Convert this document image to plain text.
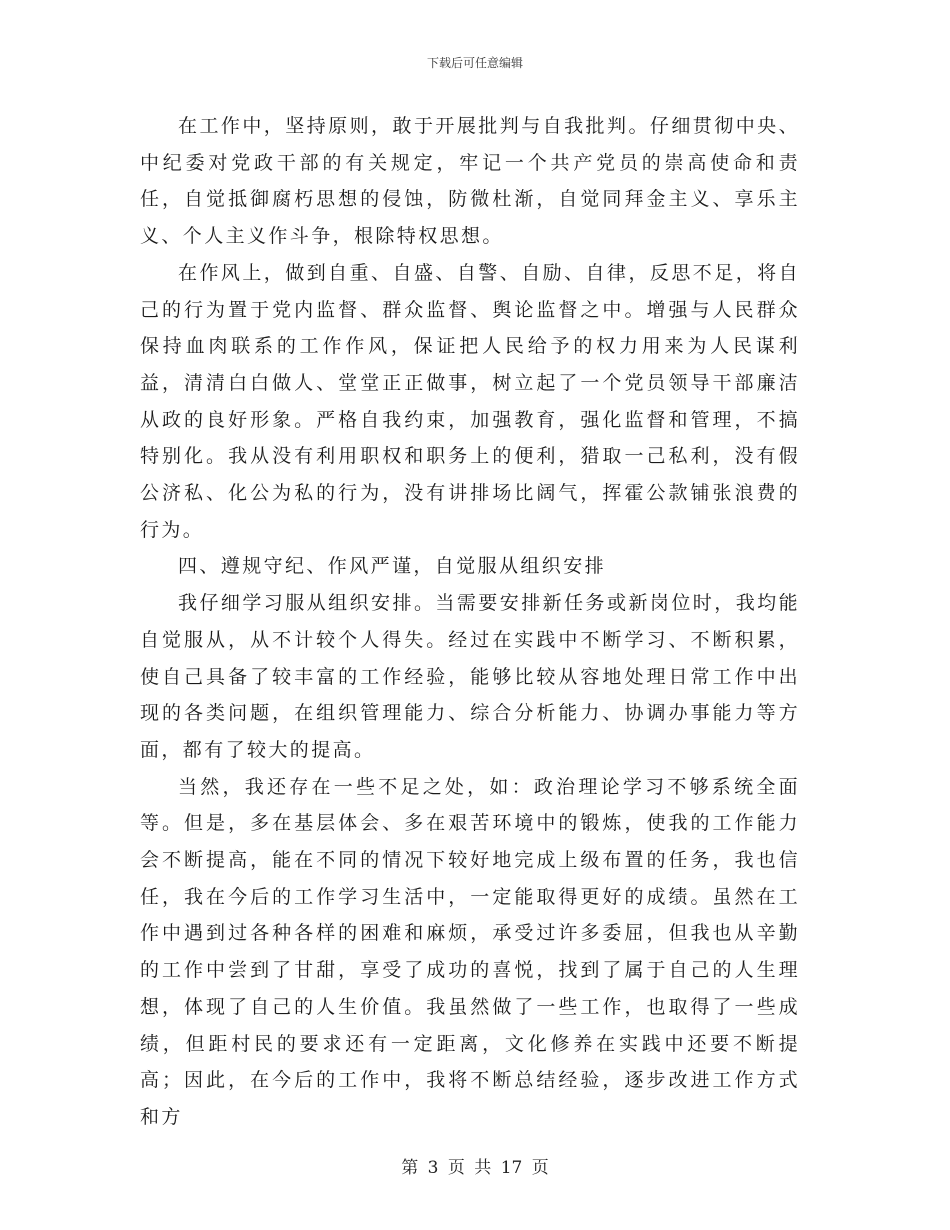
下载后可任意编辑

在工作中，坚持原则，敢于开展批判与自我批判。仔细贯彻中央、中纪委对党政干部的有关规定，牢记一个共产党员的崇高使命和责任，自觉抵御腐朽思想的侵蚀，防微杜渐，自觉同拜金主义、享乐主义、个人主义作斗争，根除特权思想。

在作风上，做到自重、自盛、自警、自励、自律，反思不足，将自己的行为置于党内监督、群众监督、舆论监督之中。增强与人民群众保持血肉联系的工作作风，保证把人民给予的权力用来为人民谋利益，清清白白做人、堂堂正正做事，树立起了一个党员领导干部廉洁从政的良好形象。严格自我约束，加强教育，强化监督和管理，不搞特别化。我从没有利用职权和职务上的便利，猎取一己私利，没有假公济私、化公为私的行为，没有讲排场比阔气，挥霍公款铺张浪费的行为。

四、遵规守纪、作风严谨，自觉服从组织安排

我仔细学习服从组织安排。当需要安排新任务或新岗位时，我均能自觉服从，从不计较个人得失。经过在实践中不断学习、不断积累，使自己具备了较丰富的工作经验，能够比较从容地处理日常工作中出现的各类问题，在组织管理能力、综合分析能力、协调办事能力等方面，都有了较大的提高。

当然，我还存在一些不足之处，如：政治理论学习不够系统全面等。但是，多在基层体会、多在艰苦环境中的锻炼，使我的工作能力会不断提高，能在不同的情况下较好地完成上级布置的任务，我也信任，我在今后的工作学习生活中，一定能取得更好的成绩。虽然在工作中遇到过各种各样的困难和麻烦，承受过许多委屈，但我也从辛勤的工作中尝到了甘甜，享受了成功的喜悦，找到了属于自己的人生理想，体现了自己的人生价值。我虽然做了一些工作，也取得了一些成绩，但距村民的要求还有一定距离，文化修养在实践中还要不断提高；因此，在今后的工作中，我将不断总结经验，逐步改进工作方式和方

第 3 页 共 17 页
